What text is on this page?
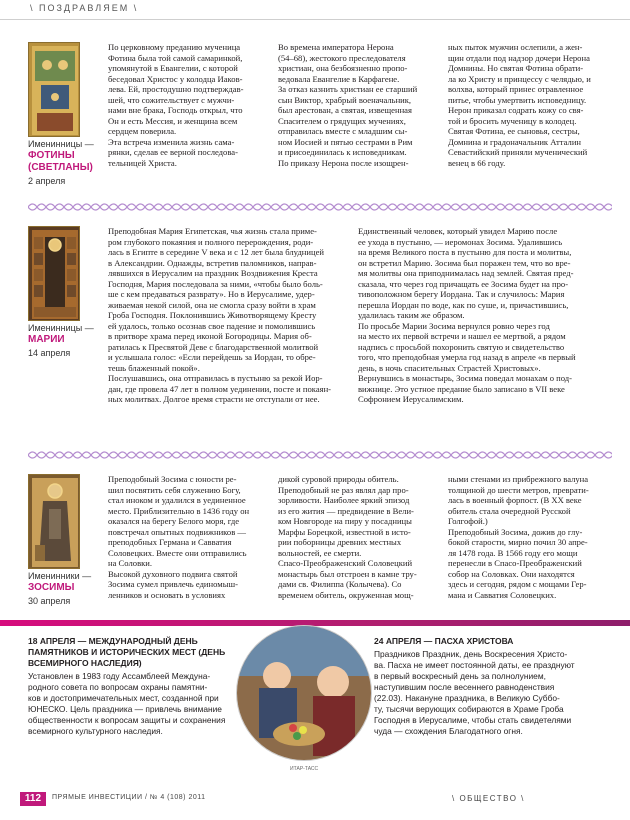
\ ПОЗДРАВЛЯЕМ \
Именинницы —
ФОТИНЫ
(СВЕТЛАНЫ)
2 апреля
По церковному преданию мученица
Фотина была той самой самаринкой,
упомянутой в Евангелии, с которой
беседовал Христос у колодца Иаков-
лева. Ей, простодушно подтверждав-
шей, что сожительствует с мужчи-
нами вне брака, Господь открыл, что
Он и есть Мессия, и женщина всем
сердцем поверила.
Эта встреча изменила жизнь сама-
рянки, сделав ее верной последова-
тельницей Христа.
Во времена императора Нерона
(54–68), жестокого преследователя
христиан, она безбоязненно пропо-
ведовала Евангелие в Карфагене.
За отказ казнить христиан ее старший
сын Виктор, храбрый военачальник,
был арестован, а святая, извещенная
Спасителем о грядущих мучениях,
отправилась вместе с младшим сы-
ном Иосией и пятью сестрами в Рим
и присоединилась к исповедникам.
По приказу Нерона после изощрен-
ных пыток мужчин ослепили, а жен-
щин отдали под надзор дочери Нерона
Домнины. Но святая Фотина обрати-
ла ко Христу и принцессу с челядью, и
волхва, который принес отравленное
питье, чтобы умертвить исповедницу.
Нерон приказал содрать кожу со свя-
той и бросить мученицу в колодец.
Святая Фотина, ее сыновья, сестры,
Домнина и градоначальник Атталин
Севастийский приняли мученический
венец в 66 году.
Именинницы —
МАРИИ
14 апреля
Преподобная Мария Египетская, чья жизнь стала приме-
ром глубокого покаяния и полного перерождения, роди-
лась в Египте в середине V века и с 12 лет была блудницей
в Александрии. Однажды, встретив паломников, направ-
лявшихся в Иерусалим на праздник Воздвижения Креста
Господня, Мария последовала за ними, «чтобы было боль-
ше с кем предаваться разврату». Но в Иерусалиме, удер-
живаемая некой силой, она не смогла сразу войти в храм
Гроба Господня. Поклонившись Животворящему Кресту
ей удалось, только осознав свое падение и помолившись
в притворе храма перед иконой Богородицы. Мария об-
ратилась к Пресвятой Деве с благодарственной молитвой
и услышала голос: «Если перейдешь за Иордан, то обре-
тешь блаженный покой».
Послушавшись, она отправилась в пустыню за рекой Иор-
дан, где провела 47 лет в полном уединении, посте и покаян-
ных молитвах. Долгое время страсти не отступали от нее.
Единственный человек, который увидел Марию после
ее ухода в пустыню, — иеромонах Зосима. Удалившись
на время Великого поста в пустыню для поста и молитвы,
он встретил Марию. Зосима был поражен тем, что во вре-
мя молитвы она приподнималась над землей. Святая пред-
сказала, что через год причащать ее Зосима будет на про-
тивоположном берегу Иордана. Так и случилось: Мария
перешла Иордан по воде, как по суше, и, причастившись,
удалилась таким же образом.
По просьбе Марии Зосима вернулся ровно через год
на место их первой встречи и нашел ее мертвой, а рядом
надпись с просьбой похоронить святую и свидетельство
того, что преподобная умерла год назад в апреле «в первый
день, в ночь спасительных Страстей Христовых».
Вернувшись в монастырь, Зосима поведал монахам о под-
вижнице. Это устное предание было записано в VII веке
Софронием Иерусалимским.
Именинники —
ЗОСИМЫ
30 апреля
Преподобный Зосима с юности ре-
шил посвятить себя служению Богу,
стал иноком и удалился в уединенное
место. Приблизительно в 1436 году он
оказался на берегу Белого моря, где
повстречал опытных подвижников —
преподобных Германа и Савватия
Соловецких. Вместе они отправились
на Соловки.
Высокой духовного подвига святой
Зосима сумел привлечь единомыш-
ленников и основать в условиях
дикой суровой природы обитель.
Преподобный не раз являл дар про-
зорливости. Наиболее яркий эпизод
из его жития — предвидение в Вели-
ком Новгороде на пиру у посадницы
Марфы Борецкой, известной в исто-
рии поборницы древних местных
вольностей, ее смерти.
Спасо-Преображенский Соловецкий
монастырь был отстроен в камне тру-
дами св. Филиппа (Колычева). Со
временем обитель, окруженная мощ-
ными стенами из прибрежного валуна
толщиной до шести метров, преврати-
лась в военный форпост. (В XX веке
обитель стала очередной Русской
Голгофой.)
Преподобный Зосима, дожив до глу-
бокой старости, мирно почил 30 апре-
ля 1478 года. В 1566 году его мощи
перенесли в Спасо-Преображенский
собор на Соловках. Они находятся
здесь и сегодня, рядом с мощами Гер-
мана и Савватия Соловецких.
18 АПРЕЛЯ — МЕЖДУНАРОДНЫЙ ДЕНЬ ПАМЯТНИКОВ И ИСТОРИЧЕСКИХ МЕСТ (ДЕНЬ ВСЕМИРНОГО НАСЛЕДИЯ)
Установлен в 1983 году Ассамблеей Междуна-
родного совета по вопросам охраны памятни-
ков и достопримечательных мест, созданной при
ЮНЕСКО. Цель праздника — привлечь внимание
общественности к вопросам защиты и сохранения
всемирного культурного наследия.
24 АПРЕЛЯ — ПАСХА ХРИСТОВА
Праздников Праздник, день Воскресения Христо-
ва. Пасха не имеет постоянной даты, ее празднуют
в первый воскресный день за полнолунием,
наступившим после весеннего равноденствия
(22.03). Накануне праздника, в Великую Суббо-
ту, тысячи верующих собираются в Храме Гроба
Господня в Иерусалиме, чтобы стать свидетелями
чуда — схождения Благодатного огня.
ИТАР-ТАСС
112	ПРЯМЫЕ ИНВЕСТИЦИИ / № 4 (108) 2011	\ ОБЩЕСТВО \
